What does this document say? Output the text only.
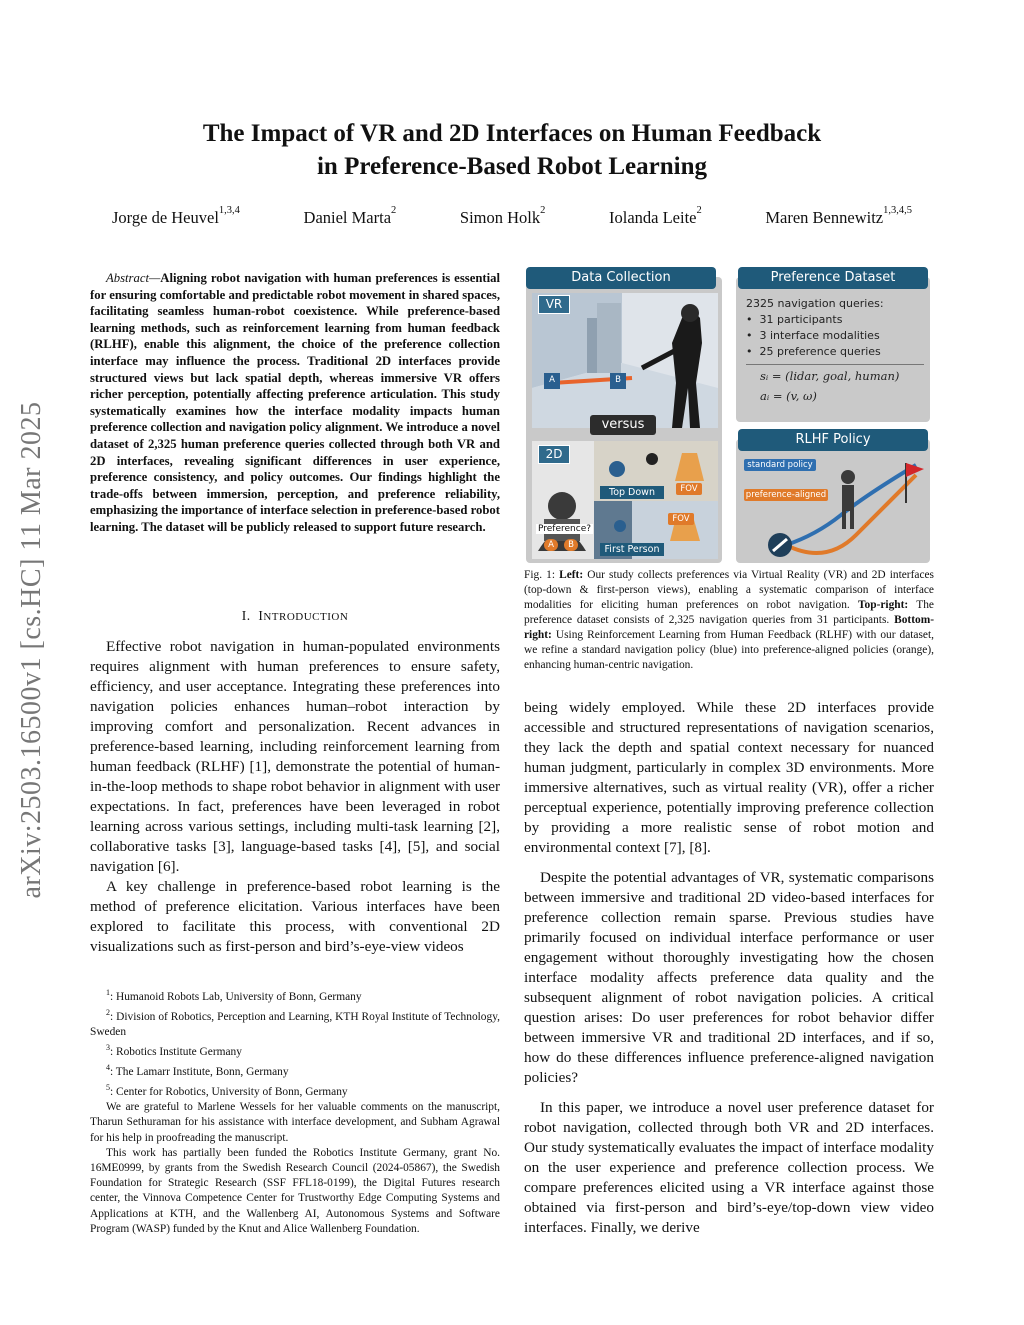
arXiv:2503.16500v1 [cs.HC] 11 Mar 2025
The Impact of VR and 2D Interfaces on Human Feedback
in Preference-Based Robot Learning
Jorge de Heuvel$^{1,3,4}$	Daniel Marta$^2$	Simon Holk$^2$	Iolanda Leite$^2$	Maren Bennewitz$^{1,3,4,5}$

Abstract—Aligning robot navigation with human preferences is essential for ensuring comfortable and predictable robot movement in shared spaces, facilitating seamless human-robot coexistence. While preference-based learning methods, such as reinforcement learning from human feedback (RLHF), enable this alignment, the choice of the preference collection interface may influence the process. Traditional 2D interfaces provide structured views but lack spatial depth, whereas immersive VR offers richer perception, potentially affecting preference articulation. This study systematically examines how the interface modality impacts human preference collection and navigation policy alignment. We introduce a novel dataset of 2,325 human preference queries collected through both VR and 2D interfaces, revealing significant differences in user experience, preference consistency, and policy outcomes. Our findings highlight the trade-offs between immersion, perception, and preference reliability, emphasizing the importance of interface selection in preference-based robot learning. The dataset will be publicly released to support future research.

I. INTRODUCTION

Effective robot navigation in human-populated environments requires alignment with human preferences to ensure safety, efficiency, and user acceptance. Integrating these preferences into navigation policies enhances human–robot interaction by improving comfort and personalization. Recent advances in preference-based learning, including reinforcement learning from human feedback (RLHF) [1], demonstrate the potential of human-in-the-loop methods to shape robot behavior in alignment with user expectations. In fact, preferences have been leveraged in robot learning across various settings, including multi-task learning [2], collaborative tasks [3], language-based tasks [4], [5], and social navigation [6].

A key challenge in preference-based robot learning is the method of preference elicitation. Various interfaces have been explored to facilitate this process, with conventional 2D visualizations such as first-person and bird’s-eye-view videos

$^1$: Humanoid Robots Lab, University of Bonn, Germany
$^2$: Division of Robotics, Perception and Learning, KTH Royal Institute of Technology, Sweden
$^3$: Robotics Institute Germany
$^4$: The Lamarr Institute, Bonn, Germany
$^5$: Center for Robotics, University of Bonn, Germany
We are grateful to Marlene Wessels for her valuable comments on the manuscript, Tharun Sethuraman for his assistance with interface development, and Subham Agrawal for his help in proofreading the manuscript.
This work has partially been funded the Robotics Institute Germany, grant No. 16ME0999, by grants from the Swedish Research Council (2024-05867), the Swedish Foundation for Strategic Research (SSF FFL18-0199), the Digital Futures research center, the Vinnova Competence Center for Trustworthy Edge Computing Systems and Applications at KTH, and the Wallenberg AI, Autonomous Systems and Software Program (WASP) funded by the Knut and Alice Wallenberg Foundation.
Data Collection
VR
A	B
versus
2D
Top Down
First Person
FOV
FOV
Preference?
A	B
Preference Dataset
2325 navigation queries:
•  31 participants
•  3 interface modalities
•  25 preference queries
sᵢ = (lidar, goal, human)
aᵢ = (v, ω)
RLHF Policy
standard policy
preference-aligned
Fig. 1: Left: Our study collects preferences via Virtual Reality (VR) and 2D interfaces (top-down & first-person views), enabling a systematic comparison of interface modalities for eliciting human preferences on robot navigation. Top-right: The preference dataset consists of 2,325 navigation queries from 31 participants. Bottom-right: Using Reinforcement Learning from Human Feedback (RLHF) with our dataset, we refine a standard navigation policy (blue) into preference-aligned policies (orange), enhancing human-centric navigation.

being widely employed. While these 2D interfaces provide accessible and structured representations of navigation scenarios, they lack the depth and spatial context necessary for nuanced human judgment, particularly in complex 3D environments. More immersive alternatives, such as virtual reality (VR), offer a richer perceptual experience, potentially improving preference collection by providing a more realistic sense of robot motion and environmental context [7], [8].

Despite the potential advantages of VR, systematic comparisons between immersive and traditional 2D video-based interfaces for preference collection remain sparse. Previous studies have primarily focused on individual interface performance or user engagement without thoroughly investigating how the chosen interface modality affects preference data quality and the subsequent alignment of robot navigation policies. A critical question arises: Do user preferences for robot behavior differ between immersive VR and traditional 2D interfaces, and if so, how do these differences influence preference-aligned navigation policies?

In this paper, we introduce a novel user preference dataset for robot navigation, collected through both VR and 2D interfaces. Our study systematically evaluates the impact of interface modality on the user experience and preference collection process. We compare preferences elicited using a VR interface against those obtained via first-person and bird’s-eye/top-down view video interfaces. Finally, we derive
